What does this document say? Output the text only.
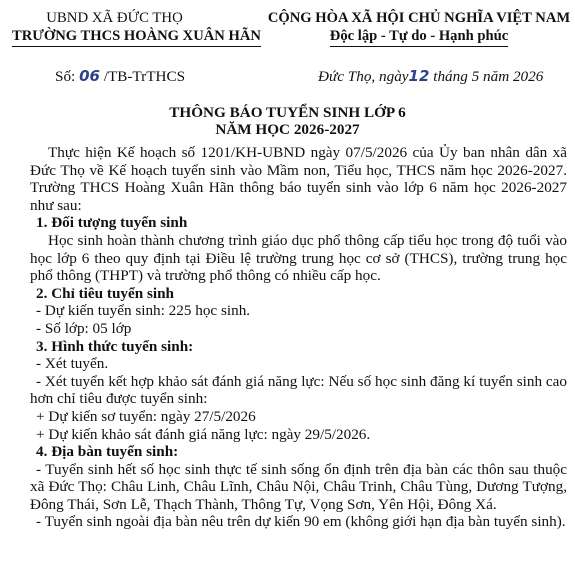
UBND XÃ ĐỨC THỌ
TRƯỜNG THCS HOÀNG XUÂN HÃN
CỘNG HÒA XÃ HỘI CHỦ NGHĨA VIỆT NAM
Độc lập - Tự do - Hạnh phúc
Số: 06 /TB-TrTHCS	Đức Thọ, ngày12 tháng 5 năm 2026
THÔNG BÁO TUYỂN SINH LỚP 6
NĂM HỌC 2026-2027

Thực hiện Kế hoạch số 1201/KH-UBND ngày 07/5/2026 của Ủy ban nhân dân xã Đức Thọ về Kế hoạch tuyển sinh vào Mầm non, Tiểu học, THCS năm học 2026-2027. Trường THCS Hoàng Xuân Hãn thông báo tuyển sinh vào lớp 6 năm học 2026-2027 như sau:

1. Đối tượng tuyển sinh

Học sinh hoàn thành chương trình giáo dục phổ thông cấp tiểu học trong độ tuổi vào học lớp 6 theo quy định tại Điều lệ trường trung học cơ sở (THCS), trường trung học phổ thông (THPT) và trường phổ thông có nhiều cấp học.

2. Chỉ tiêu tuyển sinh

- Dự kiến tuyển sinh: 225 học sinh.

- Số lớp: 05 lớp

3. Hình thức tuyển sinh:

- Xét tuyển.

- Xét tuyển kết hợp khảo sát đánh giá năng lực: Nếu số học sinh đăng kí tuyển sinh cao hơn chỉ tiêu được tuyển sinh:

+ Dự kiến sơ tuyển: ngày 27/5/2026

+ Dự kiến khảo sát đánh giá năng lực: ngày 29/5/2026.

4. Địa bàn tuyển sinh:

- Tuyển sinh hết số học sinh thực tế sinh sống ổn định trên địa bàn các thôn sau thuộc xã Đức Thọ: Châu Linh, Châu Lĩnh, Châu Nội, Châu Trinh, Châu Tùng, Dương Tượng, Đông Thái, Sơn Lễ, Thạch Thành, Thông Tự, Vọng Sơn, Yên Hội, Đông Xá.

- Tuyển sinh ngoài địa bàn nêu trên dự kiến 90 em (không giới hạn địa bàn tuyển sinh).
